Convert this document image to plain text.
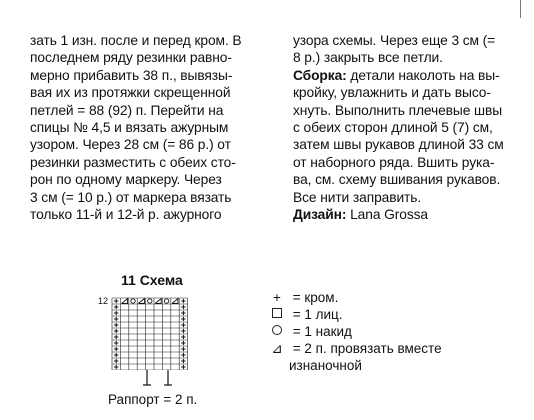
зать 1 изн. после и перед кром. В
последнем ряду резинки равно-
мерно прибавить 38 п., вывязы-
вая их из протяжки скрещенной
петлей = 88 (92) п. Перейти на
спицы № 4,5 и вязать ажурным
узором. Через 28 см (= 86 р.) от
резинки разместить с обеих сто-
рон по одному маркеру. Через
3 см (= 10 р.) от маркера вязать
только 11-й и 12-й р. ажурного
узора схемы. Через еще 3 см (=
8 р.) закрыть все петли.
Сборка: детали наколоть на вы-
кройку, увлажнить и дать высо-
хнуть. Выполнить плечевые швы
с обеих сторон длиной 5 (7) см,
затем швы рукавов длиной 33 см
от наборного ряда. Вшить рука-
ва, см. схему вшивания рукавов.
Все нити заправить.
Дизайн: Lana Grossa
11 Схема
12
Раппорт = 2 п.
+ = кром.
= 1 лиц.
= 1 накид
⊿ = 2 п. провязать вместе
изнаночной
